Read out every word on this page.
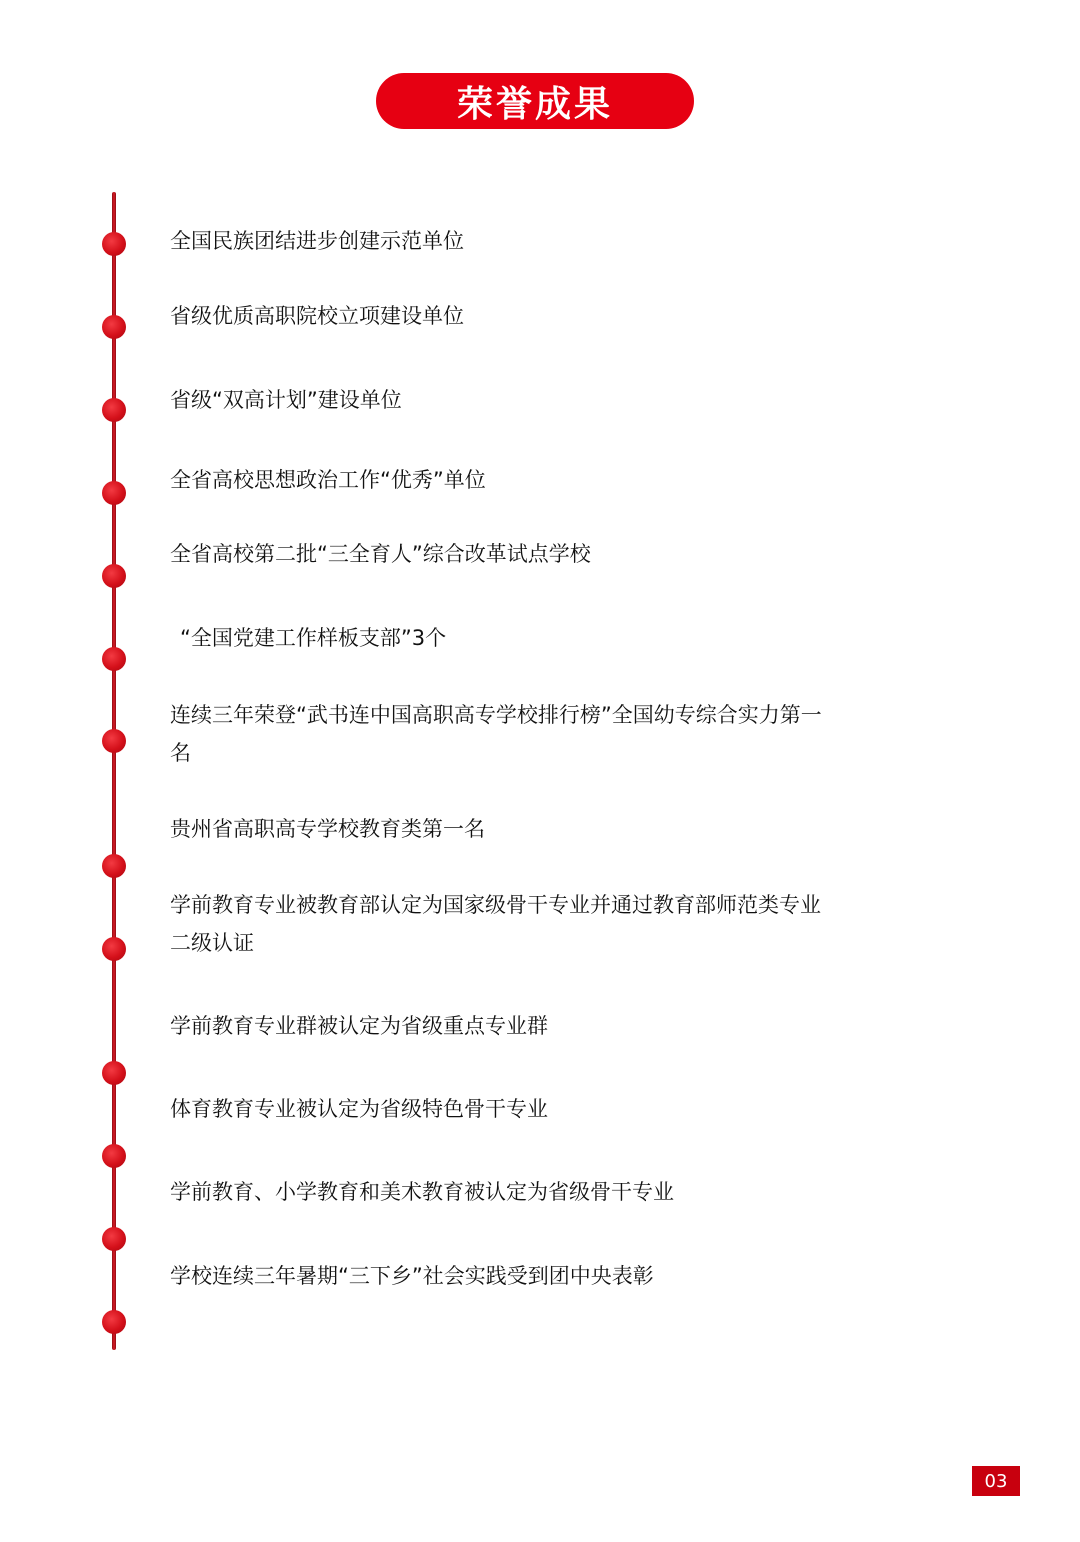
荣誉成果
全国民族团结进步创建示范单位
省级优质高职院校立项建设单位
省级“双高计划”建设单位
全省高校思想政治工作“优秀”单位
全省高校第二批“三全育人”综合改革试点学校
“全国党建工作样板支部”3个
连续三年荣登“武书连中国高职高专学校排行榜”全国幼专综合实力第一名
贵州省高职高专学校教育类第一名
学前教育专业被教育部认定为国家级骨干专业并通过教育部师范类专业二级认证
学前教育专业群被认定为省级重点专业群
体育教育专业被认定为省级特色骨干专业
学前教育、小学教育和美术教育被认定为省级骨干专业
学校连续三年暑期“三下乡”社会实践受到团中央表彰
03
